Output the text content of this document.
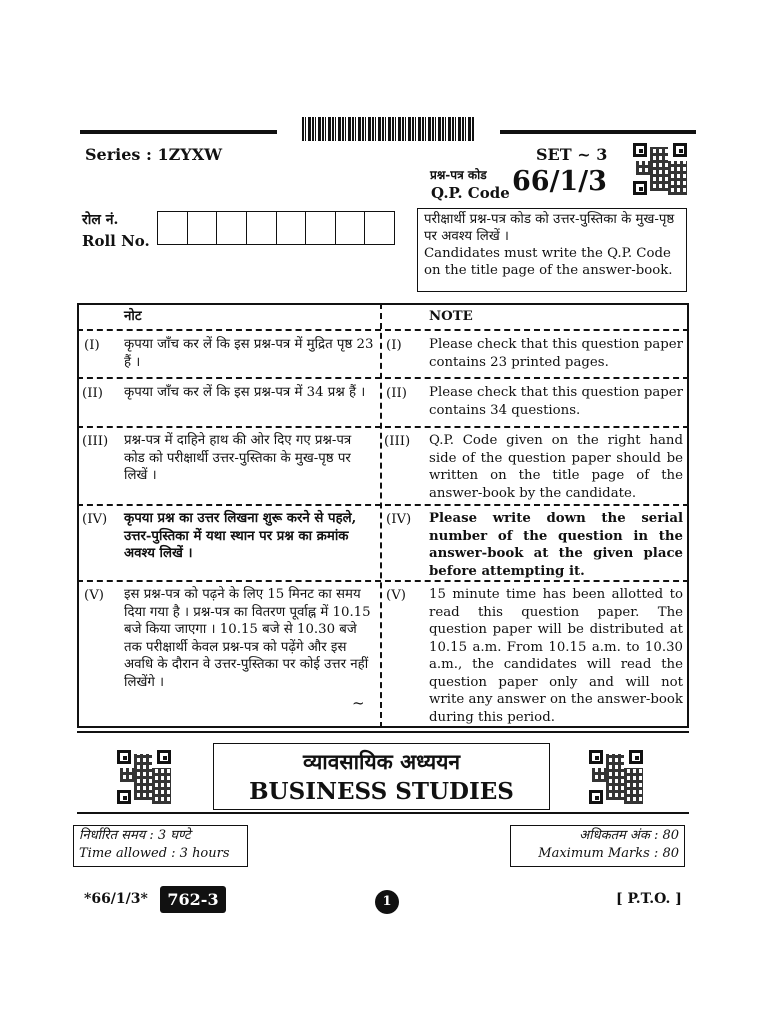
Series : 1ZYXW	SET ~ 3
प्रश्न-पत्र कोड
Q.P. Code 66/1/3
रोल नं.
Roll No.
परीक्षार्थी प्रश्न-पत्र कोड को उत्तर-पुस्तिका के मुख-पृष्ठ पर अवश्य लिखें ।
Candidates must write the Q.P. Code on the title page of the answer-book.
नोट	NOTE
(I) कृपया जाँच कर लें कि इस प्रश्न-पत्र में मुद्रित पृष्ठ 23 हैं ।
(I) Please check that this question paper contains 23 printed pages.
(II) कृपया जाँच कर लें कि इस प्रश्न-पत्र में 34 प्रश्न हैं ।	(II) Please check that this question paper contains 34 questions.
(III) प्रश्न-पत्र में दाहिने हाथ की ओर दिए गए प्रश्न-पत्र कोड को परीक्षार्थी उत्तर-पुस्तिका के मुख-पृष्ठ पर लिखें ।
(III) Q.P. Code given on the right hand side of the question paper should be written on the title page of the answer-book by the candidate.
(IV) कृपया प्रश्न का उत्तर लिखना शुरू करने से पहले, उत्तर-पुस्तिका में यथा स्थान पर प्रश्न का क्रमांक अवश्य लिखें ।
(IV) Please write down the serial number of the question in the answer-book at the given place before attempting it.
(V) इस प्रश्न-पत्र को पढ़ने के लिए 15 मिनट का समय दिया गया है । प्रश्न-पत्र का वितरण पूर्वाह्न में 10.15 बजे किया जाएगा । 10.15 बजे से 10.30 बजे तक परीक्षार्थी केवल प्रश्न-पत्र को पढ़ेंगे और इस अवधि के दौरान वे उत्तर-पुस्तिका पर कोई उत्तर नहीं लिखेंगे ।
~
(V) 15 minute time has been allotted to read this question paper. The question paper will be distributed at 10.15 a.m. From 10.15 a.m. to 10.30 a.m., the candidates will read the question paper only and will not write any answer on the answer-book during this period.
व्यावसायिक अध्ययन
BUSINESS STUDIES
निर्धारित समय : 3 घण्टे
Time allowed : 3 hours
अधिकतम अंक : 80
Maximum Marks : 80
*66/1/3*	762-3	1	[ P.T.O. ]
